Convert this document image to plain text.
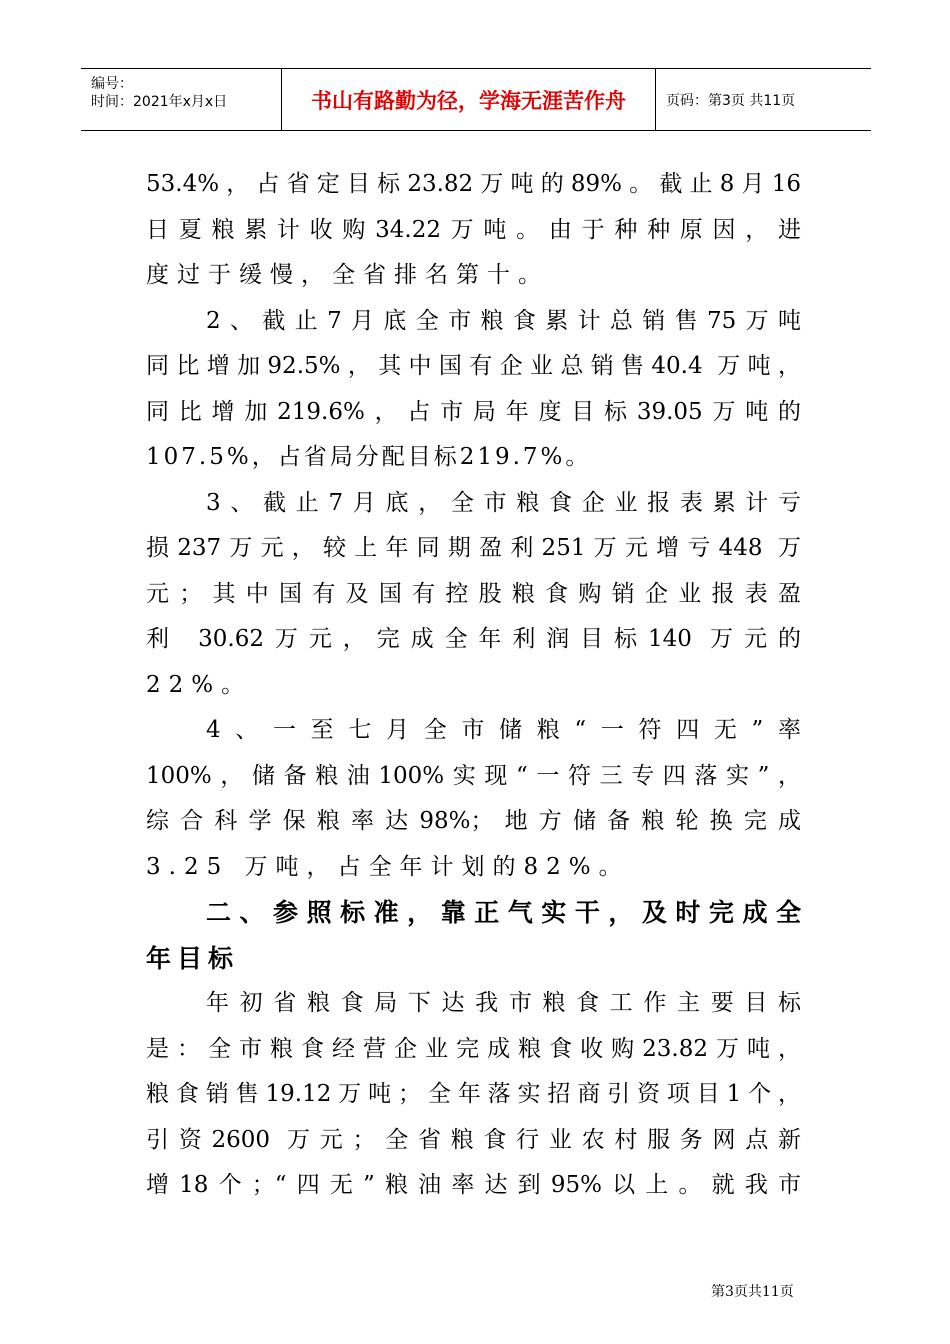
编号：
时间：2021年x月x日	书山有路勤为径，学海无涯苦作舟	页码：第3页 共11页
53.4%，占省定目标23.82万吨的89%。截止8月16
日夏粮累计收购34.22万吨。由于种种原因，进
度过于缓慢，全省排名第十。
2、截止7月底全市粮食累计总销售75万吨
同比增加92.5%，其中国有企业总销售40.4 万吨，
同比增加219.6%，占市局年度目标39.05万吨的
107.5%，占省局分配目标219.7%。
3、截止7月底，全市粮食企业报表累计亏
损237万元，较上年同期盈利251万元增亏448 万
元；其中国有及国有控股粮食购销企业报表盈
利 30.62万元，完成全年利润目标140 万元的
22%。
4、一至七月全市储粮“一符四无”率
100%，储备粮油100%实现“一符三专四落实”，
综合科学保粮率达98%；地方储备粮轮换完成
3.25 万吨，占全年计划的82%。
二、参照标准，靠正气实干，及时完成全
年目标
年初省粮食局下达我市粮食工作主要目标
是：全市粮食经营企业完成粮食收购23.82万吨，
粮食销售19.12万吨；全年落实招商引资项目1个，
引资2600 万元；全省粮食行业农村服务网点新
增18个；“四无”粮油率达到95%以上。就我市
第3页共11页
